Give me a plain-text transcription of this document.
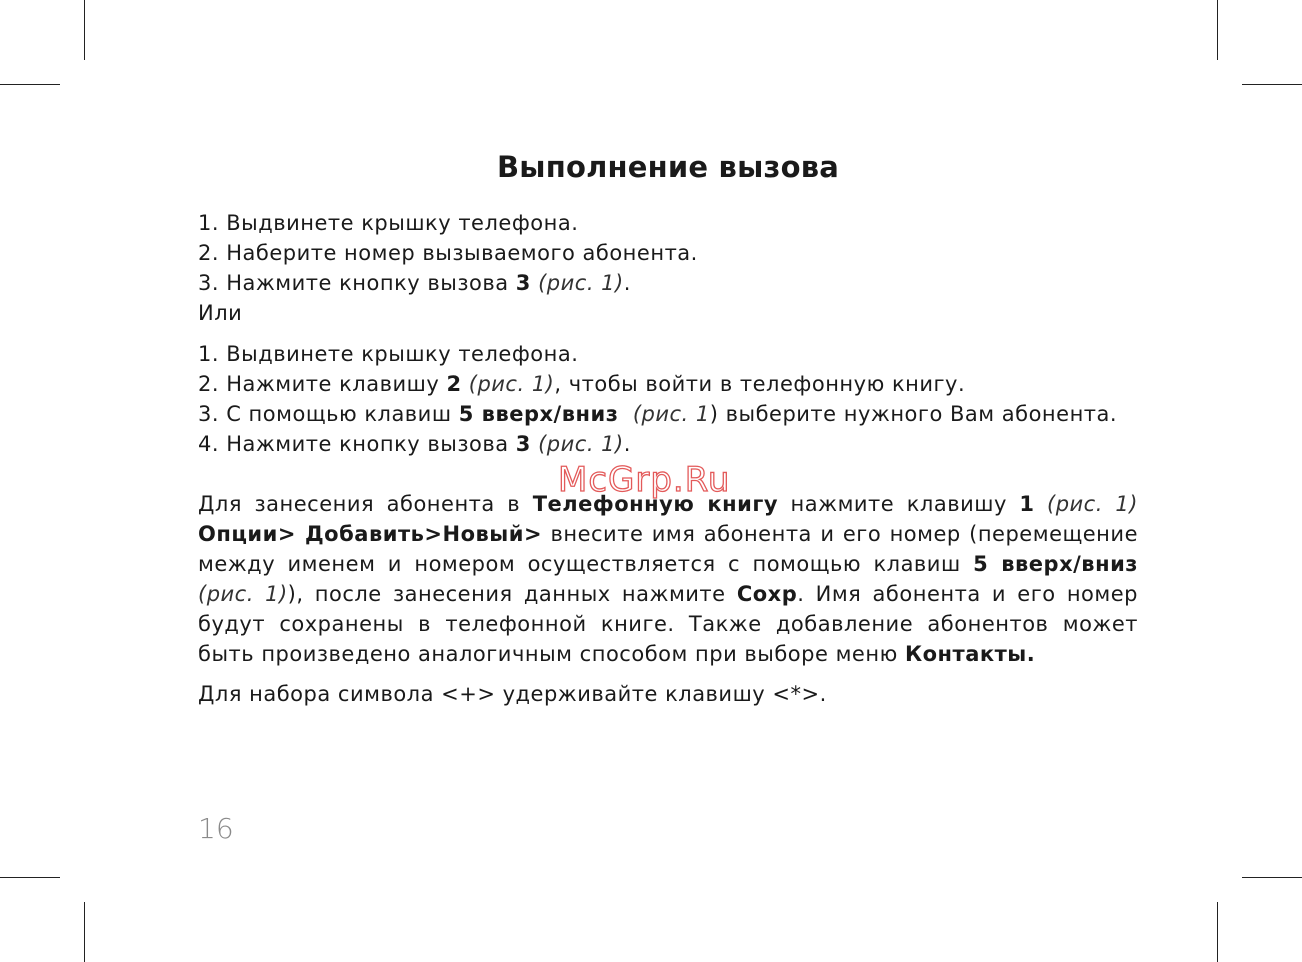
Выполнение вызова
1. Выдвинете крышку телефона.
2. Наберите номер вызываемого абонента.
3. Нажмите кнопку вызова 3 (рис. 1).
Или
1. Выдвинете крышку телефона.
2. Нажмите клавишу 2 (рис. 1), чтобы войти в телефонную книгу.
3. С помощью клавиш 5 вверх/вниз (рис. 1) выберите нужного Вам абонента.
4. Нажмите кнопку вызова 3 (рис. 1).
Для занесения абонента в Телефонную книгу нажмите клавишу 1 (рис. 1) Опции> Добавить>Новый> внесите имя абонента и его номер (перемещение между именем и номером осуществляется с помощью клавиш 5 вверх/вниз (рис. 1)), после занесения данных нажмите Сохр. Имя абонента и его номер будут сохранены в телефонной книге. Также добавление абонентов может быть произведено аналогичным способом при выборе меню Контакты.
Для набора символа <+> удерживайте клавишу <*>.
McGrp.Ru
16
